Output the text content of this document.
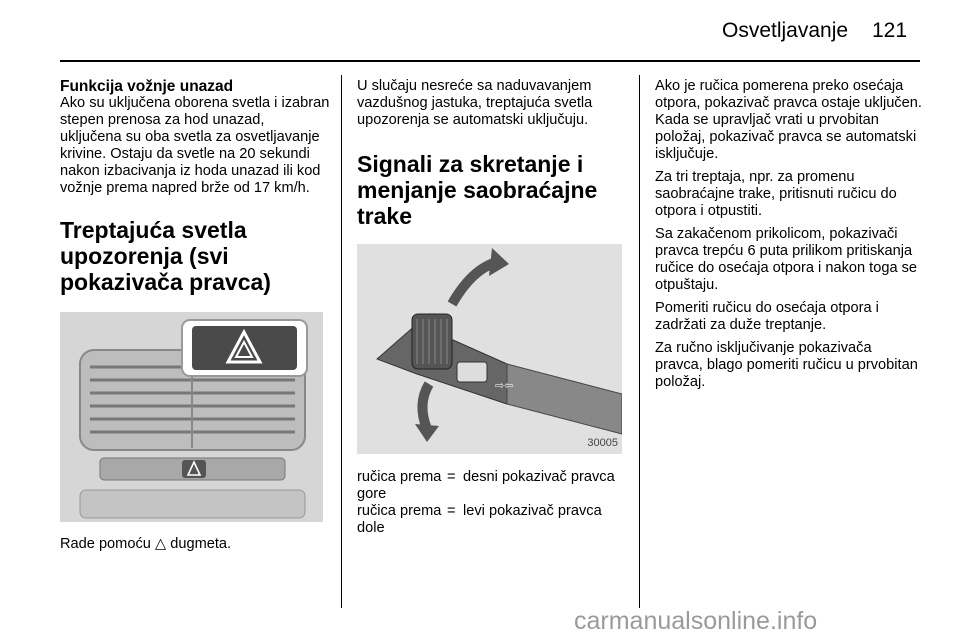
Osvetljavanje 121
Funkcija vožnje unazad

Ako su uključena oborena svetla i izabran stepen prenosa za hod unazad, uključena su oba svetla za osvetljavanje krivine. Ostaju da svetle na 20 sekundi nakon izbacivanja iz hoda unazad ili kod vožnje prema napred brže od 17 km/h.

Treptajuća svetla upozorenja (svi pokazivača pravca)

Rade pomoću △ dugmeta.

U slučaju nesreće sa naduvavanjem vazdušnog jastuka, treptajuća svetla upozorenja se automatski uključuju.

Signali za skretanje i menjanje saobraćajne trake
⇨⇦
30005
ručica prema gore
= desni pokazivač pravca
ručica prema dole
= levi pokazivač pravca

Ako je ručica pomerena preko osećaja otpora, pokazivač pravca ostaje uključen. Kada se upravljač vrati u prvobitan položaj, pokazivač pravca se automatski isključuje.

Za tri treptaja, npr. za promenu saobraćajne trake, pritisnuti ručicu do otpora i otpustiti.

Sa zakačenom prikolicom, pokazivači pravca trepću 6 puta prilikom pritiskanja ručice do osećaja otpora i nakon toga se otpuštaju.

Pomeriti ručicu do osećaja otpora i zadržati za duže treptanje.

Za ručno isključivanje pokazivača pravca, blago pomeriti ručicu u prvobitan položaj.

carmanualsonline.info
